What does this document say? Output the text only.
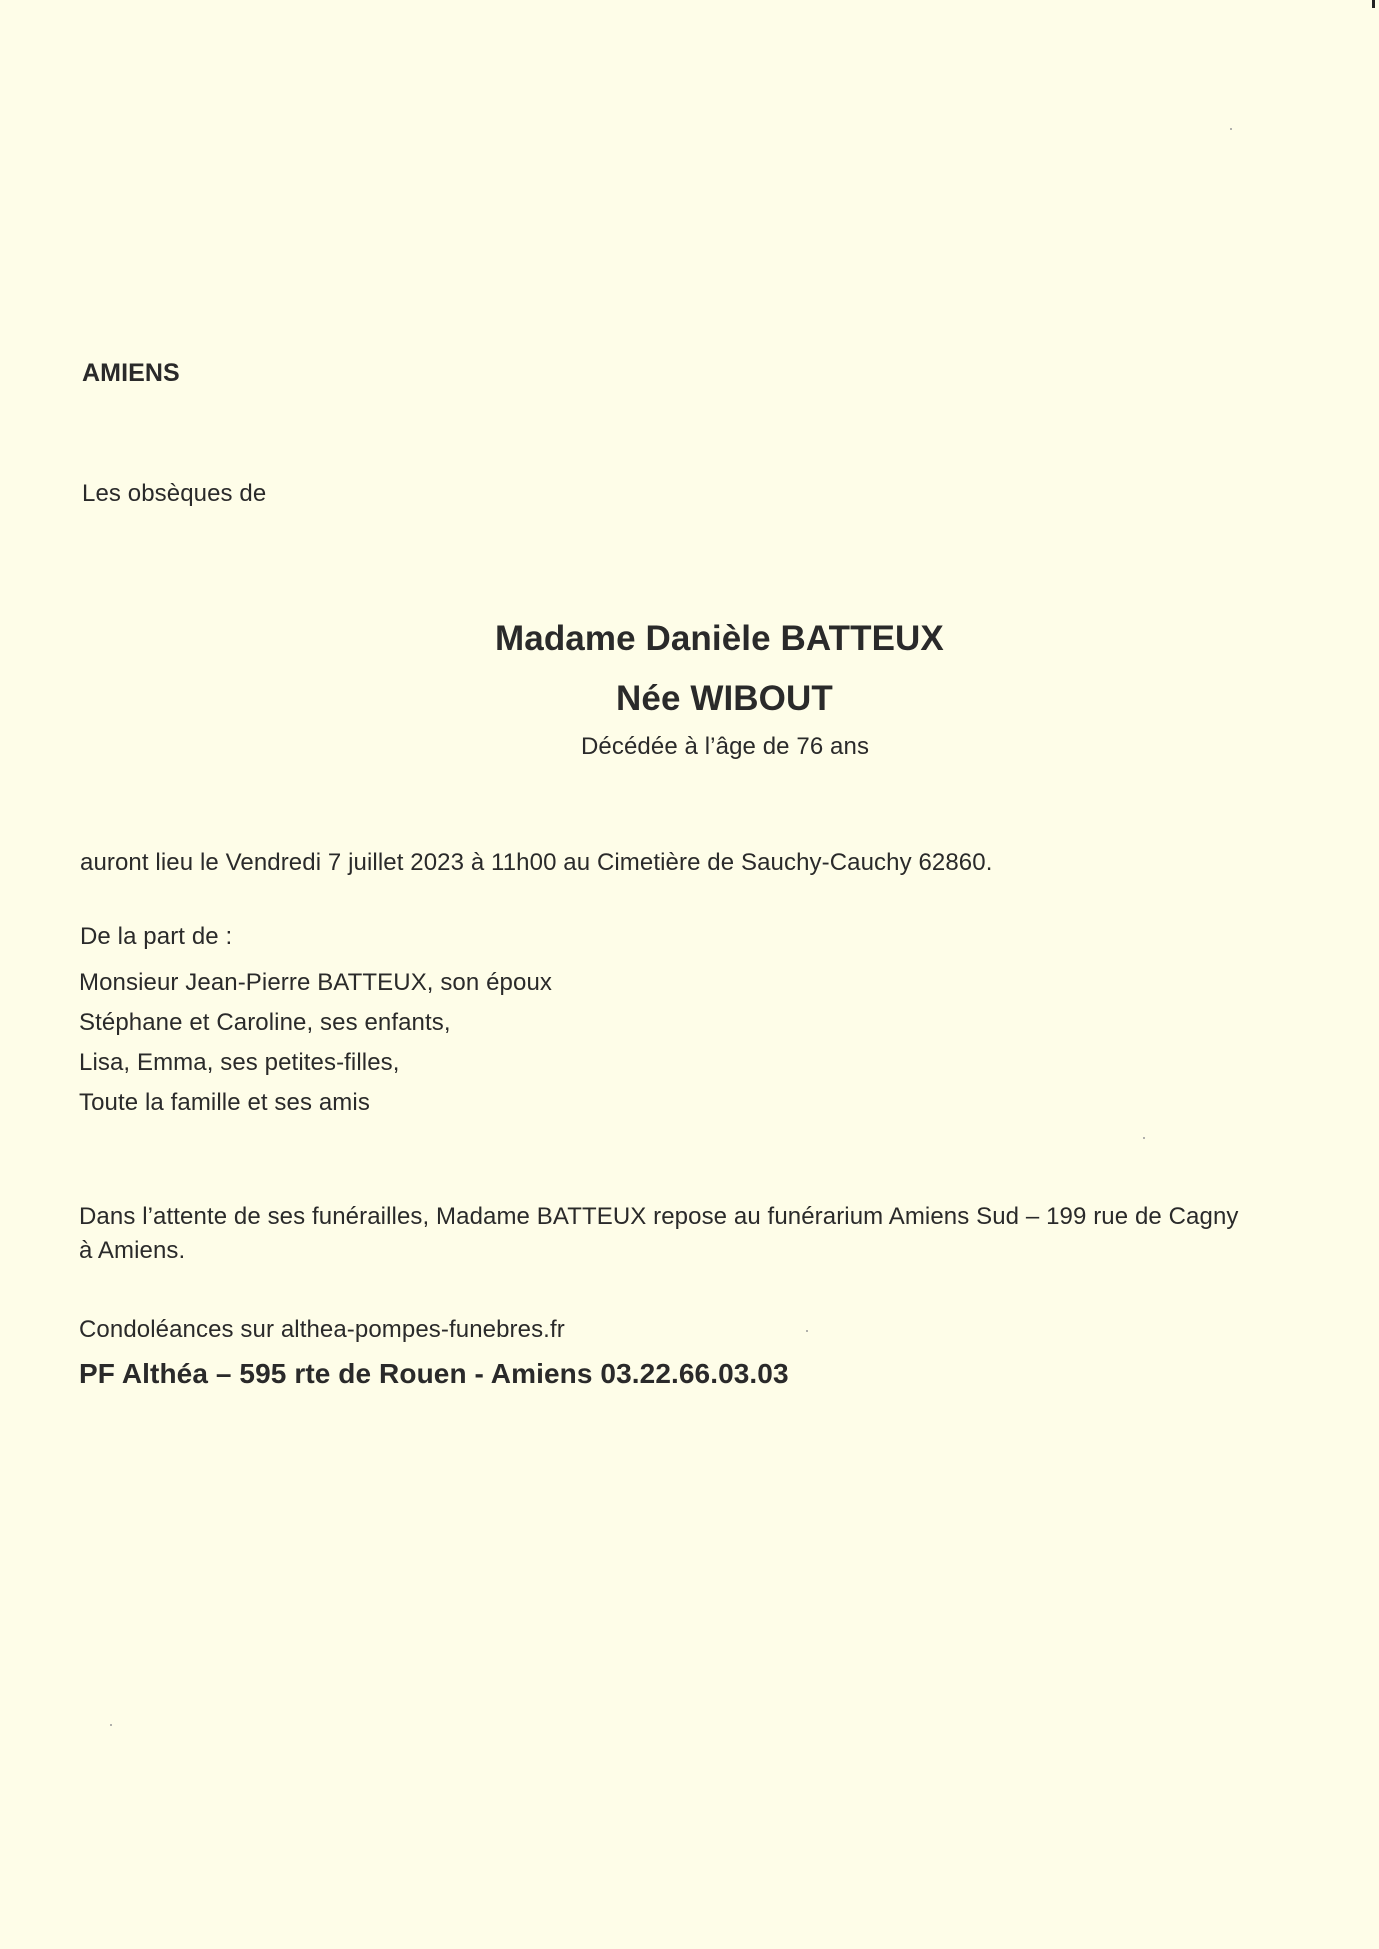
AMIENS
Les obsèques de
Madame Danièle BATTEUX
Née WIBOUT
Décédée à l’âge de 76 ans
auront lieu le Vendredi 7 juillet 2023 à 11h00 au Cimetière de Sauchy-Cauchy 62860.
De la part de :
Monsieur Jean-Pierre BATTEUX, son époux
Stéphane et Caroline, ses enfants,
Lisa, Emma, ses petites-filles,
Toute la famille et ses amis
Dans l’attente de ses funérailles, Madame BATTEUX repose au funérarium Amiens Sud – 199 rue de Cagny
à Amiens.
Condoléances sur althea-pompes-funebres.fr
PF Althéa – 595 rte de Rouen - Amiens 03.22.66.03.03
